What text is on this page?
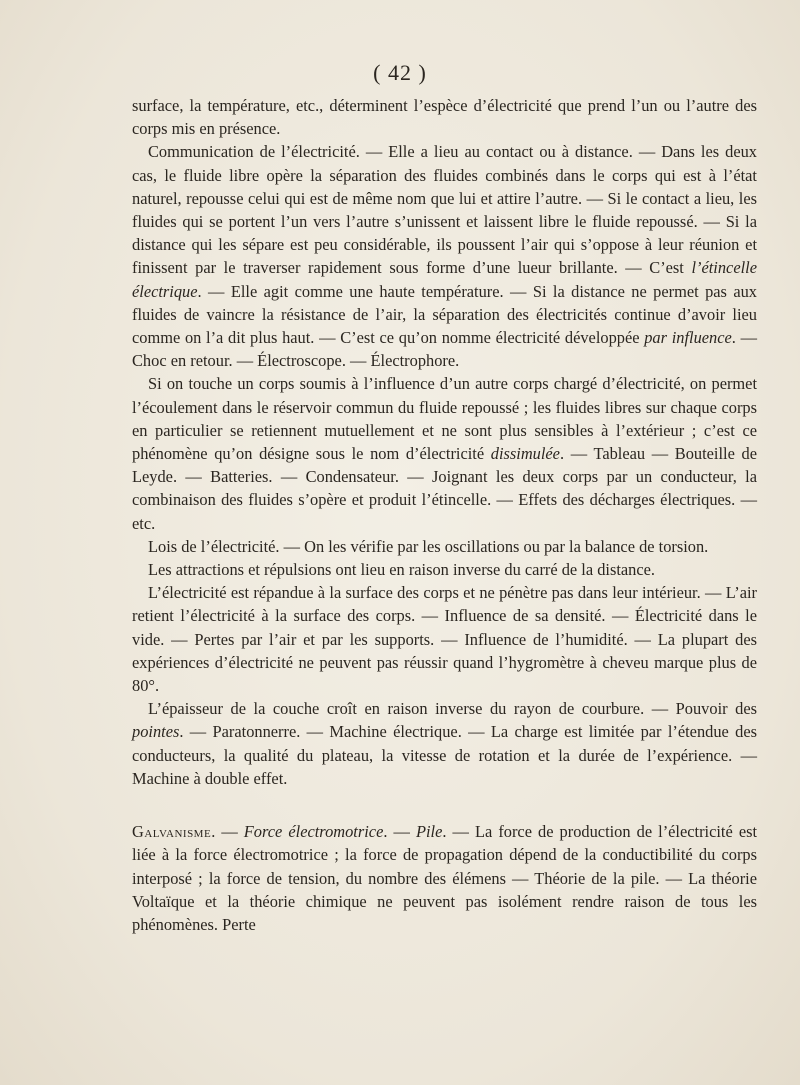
( 42 )

surface, la température, etc., déterminent l’espèce d’électricité que prend l’un ou l’autre des corps mis en présence.

Communication de l’électricité. — Elle a lieu au contact ou à distance. — Dans les deux cas, le fluide libre opère la séparation des fluides combinés dans le corps qui est à l’état naturel, repousse celui qui est de même nom que lui et attire l’autre. — Si le contact a lieu, les fluides qui se portent l’un vers l’autre s’unissent et laissent libre le fluide repoussé. — Si la distance qui les sépare est peu considérable, ils poussent l’air qui s’oppose à leur réunion et finissent par le traverser rapidement sous forme d’une lueur brillante. — C’est l’étincelle électrique. — Elle agit comme une haute température. — Si la distance ne permet pas aux fluides de vaincre la résistance de l’air, la séparation des électricités continue d’avoir lieu comme on l’a dit plus haut. — C’est ce qu’on nomme électricité développée par influence. — Choc en retour. — Électroscope. — Électrophore.

Si on touche un corps soumis à l’influence d’un autre corps chargé d’électricité, on permet l’écoulement dans le réservoir commun du fluide repoussé ; les fluides libres sur chaque corps en particulier se retiennent mutuellement et ne sont plus sensibles à l’extérieur ; c’est ce phénomène qu’on désigne sous le nom d’électricité dissimulée. — Tableau — Bouteille de Leyde. — Batteries. — Condensateur. — Joignant les deux corps par un conducteur, la combinaison des fluides s’opère et produit l’étincelle. — Effets des décharges électriques. — etc.

Lois de l’électricité. — On les vérifie par les oscillations ou par la balance de torsion.

Les attractions et répulsions ont lieu en raison inverse du carré de la distance.

L’électricité est répandue à la surface des corps et ne pénètre pas dans leur intérieur. — L’air retient l’électricité à la surface des corps. — Influence de sa densité. — Électricité dans le vide. — Pertes par l’air et par les supports. — Influence de l’humidité. — La plupart des expériences d’électricité ne peuvent pas réussir quand l’hygromètre à cheveu marque plus de 80°.

L’épaisseur de la couche croît en raison inverse du rayon de courbure. — Pouvoir des pointes. — Paratonnerre. — Machine électrique. — La charge est limitée par l’étendue des conducteurs, la qualité du plateau, la vitesse de rotation et la durée de l’expérience. — Machine à double effet.

Galvanisme. — Force électromotrice. — Pile. — La force de production de l’électricité est liée à la force électromotrice ; la force de propagation dépend de la conductibilité du corps interposé ; la force de tension, du nombre des élémens — Théorie de la pile. — La théorie Voltaïque et la théorie chimique ne peuvent pas isolément rendre raison de tous les phénomènes. Perte
